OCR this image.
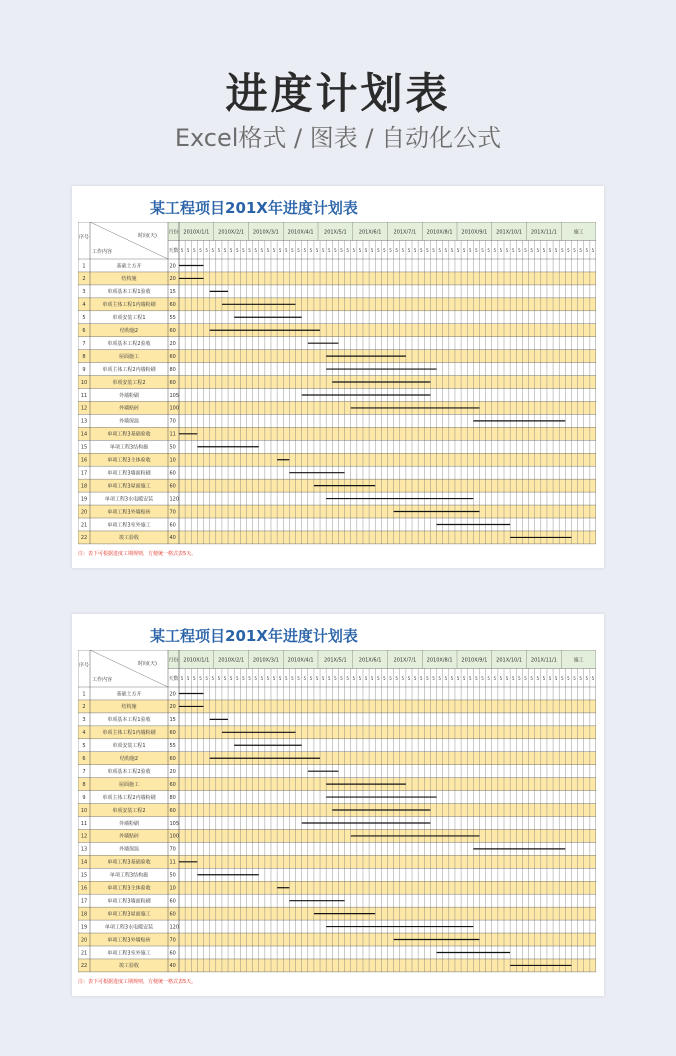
进度计划表
Excel格式 / 图表 / 自动化公式
某工程项目201X年进度计划表
2010X/1/1 2010X/2/1 2010X/3/1 2010X/4/1 201X/5/1 201X/6/1 201X/7/1 2010X/8/1 2010X/9/1 201X/10/1 201X/11/1	施工
5 5 5 5 5 5 5 5 5 5 5 5 5 5 5 5 5 5 5 5 5 5 5 5 5 5 5 5 5 5 5 5 5 5 5 5 5 5 5 5 5 5 5 5 5 5 5 5 5 5 5 5 5 5 5 5 5 5 5 5 5 5 5 5 5 5 5 5
序号	时间(天)
工作内容
月份
天数
1	基础土方开	20
2	结构施	20
3	单项基本工程1验收	15
4	单项主体工程1内墙粉刷	60
5	单项安装工程1	55
6	结构施2	60
7	单项基本工程2验收	20
8	屋面施工	60
9	单项主体工程2内墙粉刷	80
10	单项安装工程2	60
11	外墙粉刷	105
12	外墙贴砖	100
13	外墙保温	70
14	单项工程3基础验收	11
15	单项工程3结构施	50
16	单项工程3主体验收	10
17	单项工程3墙面粉刷	60
18	单项工程3屋面施工	60
19	单项工程3水电暖安装	120
20	单项工程3外墙贴砖	70
21	单项工程3室外施工	60
22	竣工验收	40
注：表下可根据进度工期规则，方便统一格式表5天。
某工程项目201X年进度计划表
2010X/1/1 2010X/2/1 2010X/3/1 2010X/4/1 201X/5/1 201X/6/1 201X/7/1 2010X/8/1 2010X/9/1 201X/10/1 201X/11/1	施工
5 5 5 5 5 5 5 5 5 5 5 5 5 5 5 5 5 5 5 5 5 5 5 5 5 5 5 5 5 5 5 5 5 5 5 5 5 5 5 5 5 5 5 5 5 5 5 5 5 5 5 5 5 5 5 5 5 5 5 5 5 5 5 5 5 5 5 5
序号	时间(天)
工作内容
月份
天数
1	基础土方开	20
2	结构施	20
3	单项基本工程1验收	15
4	单项主体工程1内墙粉刷	60
5	单项安装工程1	55
6	结构施2	60
7	单项基本工程2验收	20
8	屋面施工	60
9	单项主体工程2内墙粉刷	80
10	单项安装工程2	60
11	外墙粉刷	105
12	外墙贴砖	100
13	外墙保温	70
14	单项工程3基础验收	11
15	单项工程3结构施	50
16	单项工程3主体验收	10
17	单项工程3墙面粉刷	60
18	单项工程3屋面施工	60
19	单项工程3水电暖安装	120
20	单项工程3外墙贴砖	70
21	单项工程3室外施工	60
22	竣工验收	40
注：表下可根据进度工期规则，方便统一格式表5天。
